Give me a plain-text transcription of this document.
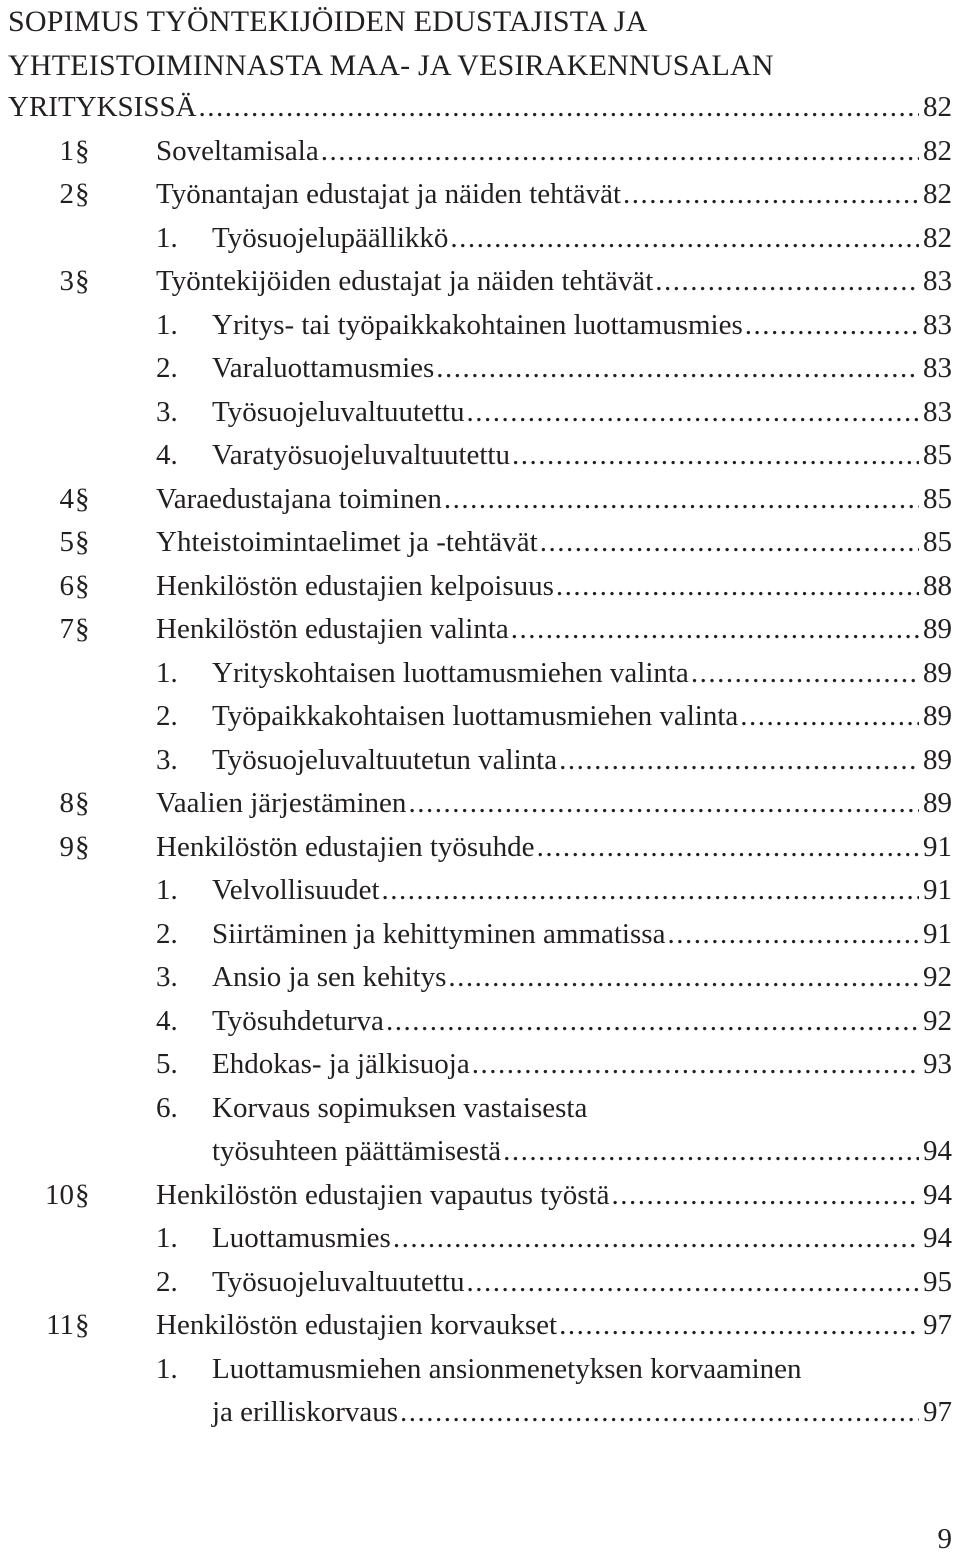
SOPIMUS TYÖNTEKIJÖIDEN EDUSTAJISTA JA
YHTEISTOIMINNASTA MAA- JA VESIRAKENNUSALAN
YRITYKSISSÄ .....	82
1 § Soveltamisala .....	82
2 § Työnantajan edustajat ja näiden tehtävät .....	82
1. Työsuojelupäällikkö .....	82
3 § Työntekijöiden edustajat ja näiden tehtävät .....	83
1. Yritys- tai työpaikkakohtainen luottamusmies .....	83
2. Varaluottamusmies .....	83
3. Työsuojeluvaltuutettu .....	83
4. Varatyösuojeluvaltuutettu .....	85
4 § Varaedustajana toiminen .....	85
5 § Yhteistoimintaelimet ja -tehtävät .....	85
6 § Henkilöstön edustajien kelpoisuus .....	88
7 § Henkilöstön edustajien valinta .....	89
1. Yrityskohtaisen luottamusmiehen valinta .....	89
2. Työpaikkakohtaisen luottamusmiehen valinta .....	89
3. Työsuojeluvaltuutetun valinta .....	89
8 § Vaalien järjestäminen .....	89
9 § Henkilöstön edustajien työsuhde .....	91
1. Velvollisuudet .....	91
2. Siirtäminen ja kehittyminen ammatissa .....	91
3. Ansio ja sen kehitys .....	92
4. Työsuhdeturva .....	92
5. Ehdokas- ja jälkisuoja .....	93
6. Korvaus sopimuksen vastaisesta
työsuhteen päättämisestä .....	94
10 § Henkilöstön edustajien vapautus työstä .....	94
1. Luottamusmies .....	94
2. Työsuojeluvaltuutettu .....	95
11 § Henkilöstön edustajien korvaukset .....	97
1. Luottamusmiehen ansionmenetyksen korvaaminen
ja erilliskorvaus .....	97
9
